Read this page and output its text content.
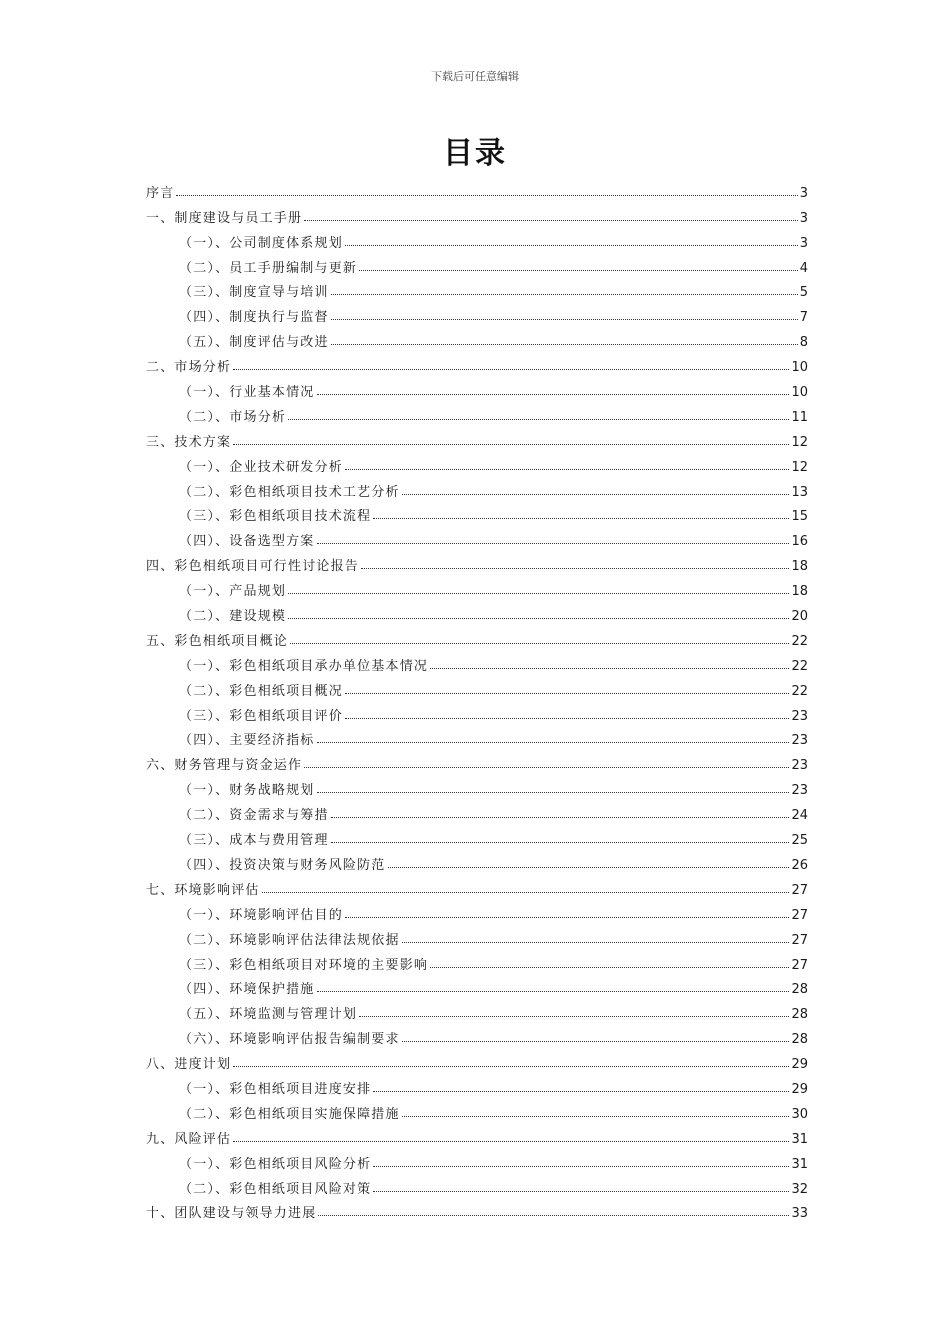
下载后可任意编辑
目录
序言	3
一、制度建设与员工手册	3
（一）、公司制度体系规划	3
（二）、员工手册编制与更新	4
（三）、制度宣导与培训	5
（四）、制度执行与监督	7
（五）、制度评估与改进	8
二、市场分析	10
（一）、行业基本情况	10
（二）、市场分析	11
三、技术方案	12
（一）、企业技术研发分析	12
（二）、彩色相纸项目技术工艺分析	13
（三）、彩色相纸项目技术流程	15
（四）、设备选型方案	16
四、彩色相纸项目可行性讨论报告	18
（一）、产品规划	18
（二）、建设规模	20
五、彩色相纸项目概论	22
（一）、彩色相纸项目承办单位基本情况	22
（二）、彩色相纸项目概况	22
（三）、彩色相纸项目评价	23
（四）、主要经济指标	23
六、财务管理与资金运作	23
（一）、财务战略规划	23
（二）、资金需求与筹措	24
（三）、成本与费用管理	25
（四）、投资决策与财务风险防范	26
七、环境影响评估	27
（一）、环境影响评估目的	27
（二）、环境影响评估法律法规依据	27
（三）、彩色相纸项目对环境的主要影响	27
（四）、环境保护措施	28
（五）、环境监测与管理计划	28
（六）、环境影响评估报告编制要求	28
八、进度计划	29
（一）、彩色相纸项目进度安排	29
（二）、彩色相纸项目实施保障措施	30
九、风险评估	31
（一）、彩色相纸项目风险分析	31
（二）、彩色相纸项目风险对策	32
十、团队建设与领导力进展	33
